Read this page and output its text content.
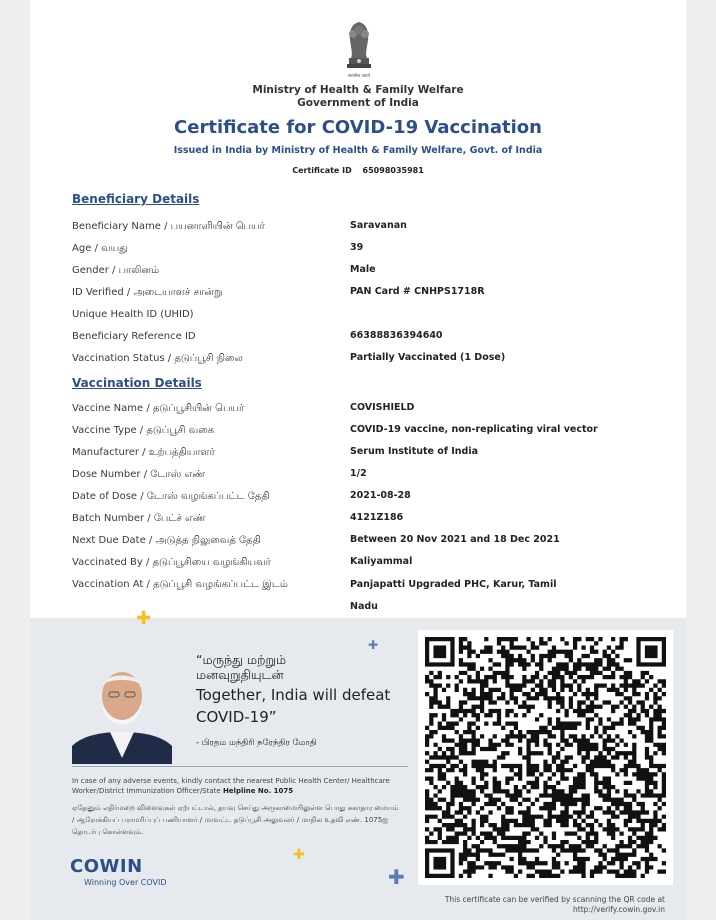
सत्यमेव जयते
Ministry of Health & Family Welfare
Government of India
Certificate for COVID-19 Vaccination
Issued in India by Ministry of Health & Family Welfare, Govt. of India
Certificate ID 65098035981
Beneficiary Details
Beneficiary Name / பயனாளியின் பெயர்	Saravanan
Age / வயது	39
Gender / பாலினம்	Male
ID Verified / அடையாளச் சான்று	PAN Card # CNHPS1718R
Unique Health ID (UHID)
Beneficiary Reference ID	66388836394640
Vaccination Status / தடுப்பூசி நிலை	Partially Vaccinated (1 Dose)
Vaccination Details
Vaccine Name / தடுப்பூசியின் பெயர்	COVISHIELD
Vaccine Type / தடுப்பூசி வகை	COVID-19 vaccine, non-replicating viral vector
Manufacturer / உற்பத்தியாளர்	Serum Institute of India
Dose Number / டோஸ் எண்	1/2
Date of Dose / டோஸ் வழங்கப்பட்ட தேதி	2021-08-28
Batch Number / பேட்ச் எண்	4121Z186
Next Due Date / அடுத்த நிலுவைத் தேதி	Between 20 Nov 2021 and 18 Dec 2021
Vaccinated By / தடுப்பூசியை வழங்கியவர்	Kaliyammal
Vaccination At / தடுப்பூசி வழங்கப்பட்ட இடம்	Panjapatti Upgraded PHC, Karur, Tamil Nadu
✚
✚
✚
✚
“மருந்து மற்றும்
மனவுறுதியுடன்
Together, India will defeat COVID-19”
- பிரதம மந்திரி நரேந்திர மோதி
In case of any adverse events, kindly contact the nearest Public Health Center/ Healthcare Worker/District Immunization Officer/State Helpline No. 1075
ஏதேனும் எதிர்மறை விளைவுகள் ஏற்பட்டால், தயவு செய்து அருகாமையிலுள்ள பொது சுகாதார மையம் / ஆரோக்கியப் பராமரிப்புப் பணியாளர் / மாவட்ட தடுப்பூசி அலுவலர் / மாநில உதவி எண். 1075ஐ தொடர்பு கொள்ளவும்.
COWIN
Winning Over COVID
This certificate can be verified by scanning the QR code at
http://verify.cowin.gov.in
